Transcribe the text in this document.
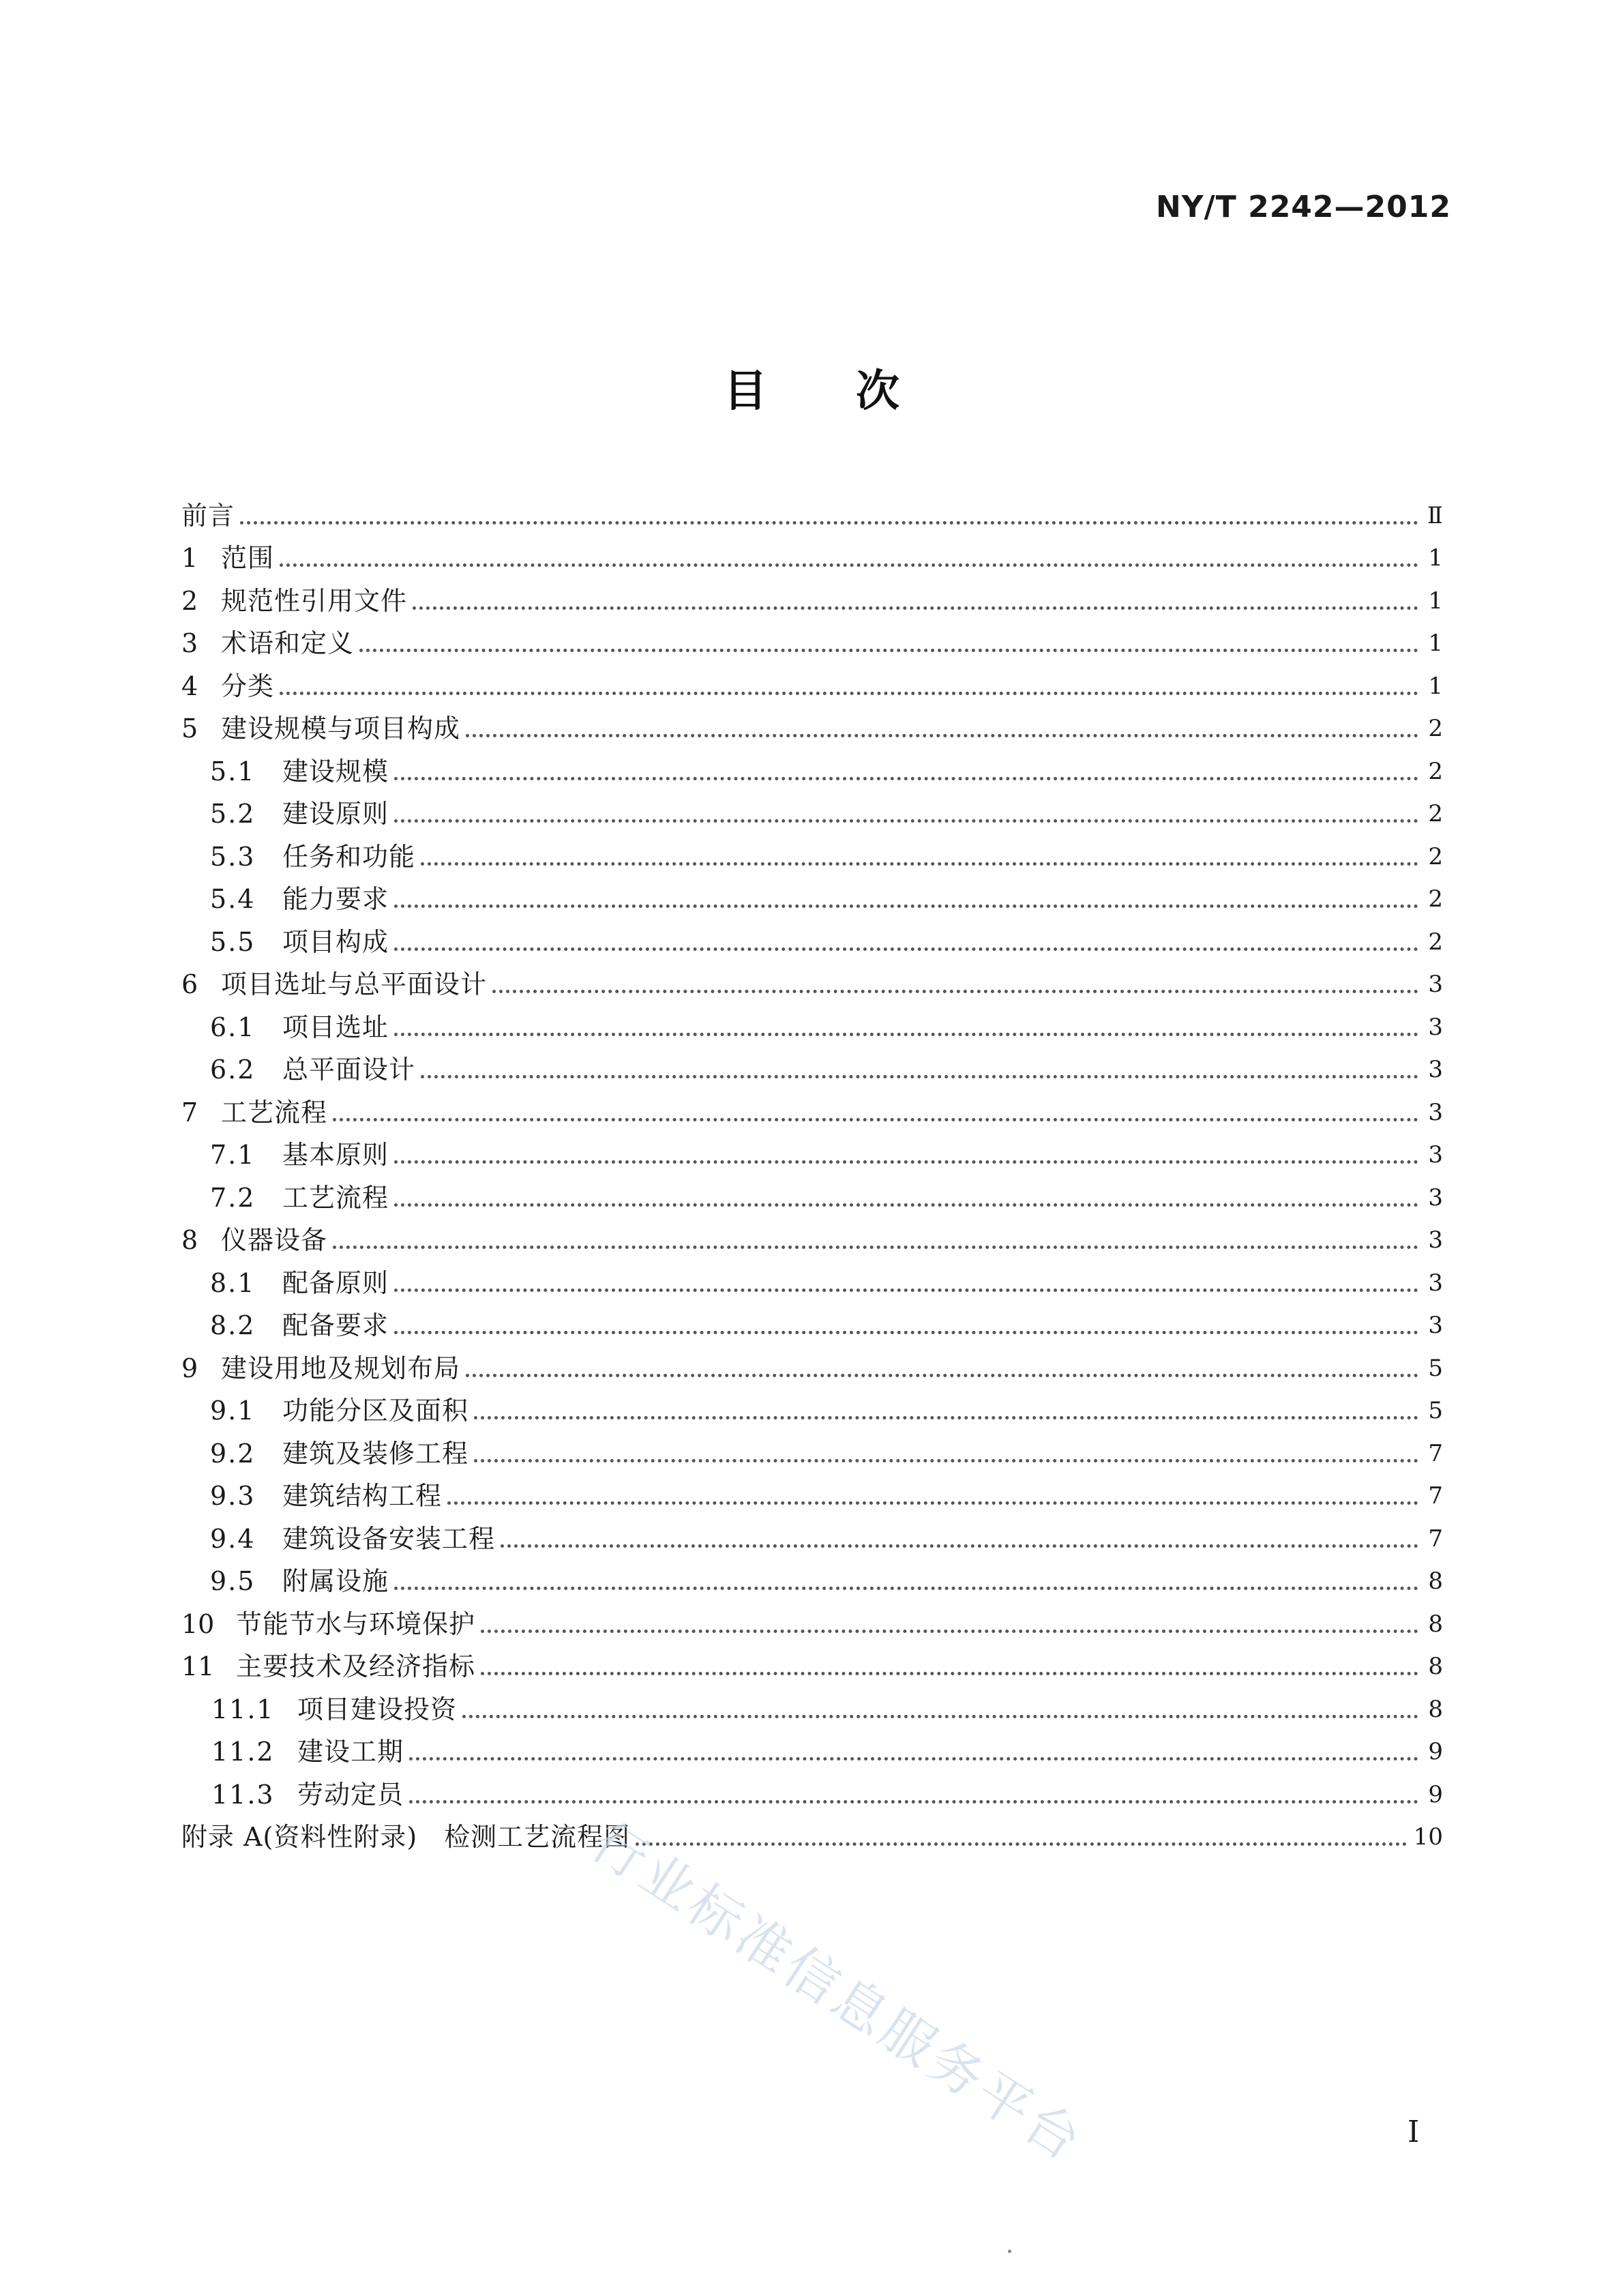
NY/T 2242—2012
目次
前言	Ⅱ
1 范围	1
2 规范性引用文件	1
3 术语和定义	1
4 分类	1
5 建设规模与项目构成	2
5.1	建设规模	2
5.2	建设原则	2
5.3	任务和功能	2
5.4	能力要求	2
5.5	项目构成	2
6 项目选址与总平面设计	3
6.1	项目选址	3
6.2	总平面设计	3
7 工艺流程	3
7.1	基本原则	3
7.2	工艺流程	3
8 仪器设备	3
8.1	配备原则	3
8.2	配备要求	3
9 建设用地及规划布局	5
9.1	功能分区及面积	5
9.2	建筑及装修工程	7
9.3	建筑结构工程	7
9.4	建筑设备安装工程	7
9.5	附属设施	8
10 节能节水与环境保护	8
11 主要技术及经济指标	8
11.1 项目建设投资	8
11.2 建设工期	9
11.3 劳动定员	9
附录 A(资料性附录)　检测工艺流程图	10
行业标准信息服务平台	I
